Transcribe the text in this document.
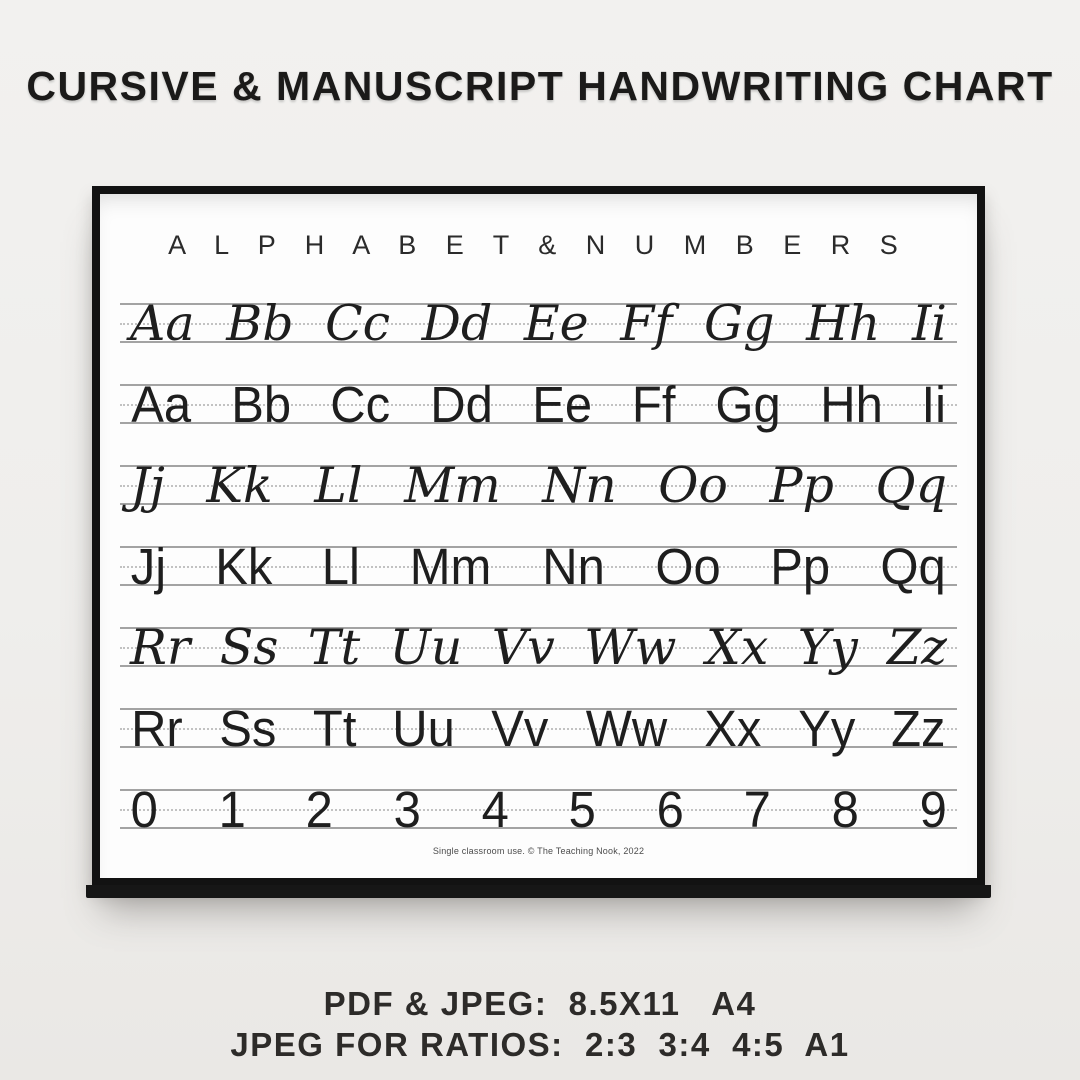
CURSIVE & MANUSCRIPT HANDWRITING CHART
A L P H A B E T & N U M B E R S
Aa Bb Cc Dd Ee Ff Gg Hh Ii
Aa Bb Cc Dd Ee Ff Gg Hh Ii
Jj Kk Ll Mm Nn Oo Pp Qq
Jj Kk Ll Mm Nn Oo Pp Qq
Rr Ss Tt Uu Vv Ww Xx Yy Zz
Rr Ss Tt Uu Vv Ww Xx Yy Zz
0 1 2 3 4 5 6 7 8 9
Single classroom use. © The Teaching Nook, 2022
PDF & JPEG:  8.5X11   A4
JPEG FOR RATIOS:  2:3  3:4  4:5  A1
